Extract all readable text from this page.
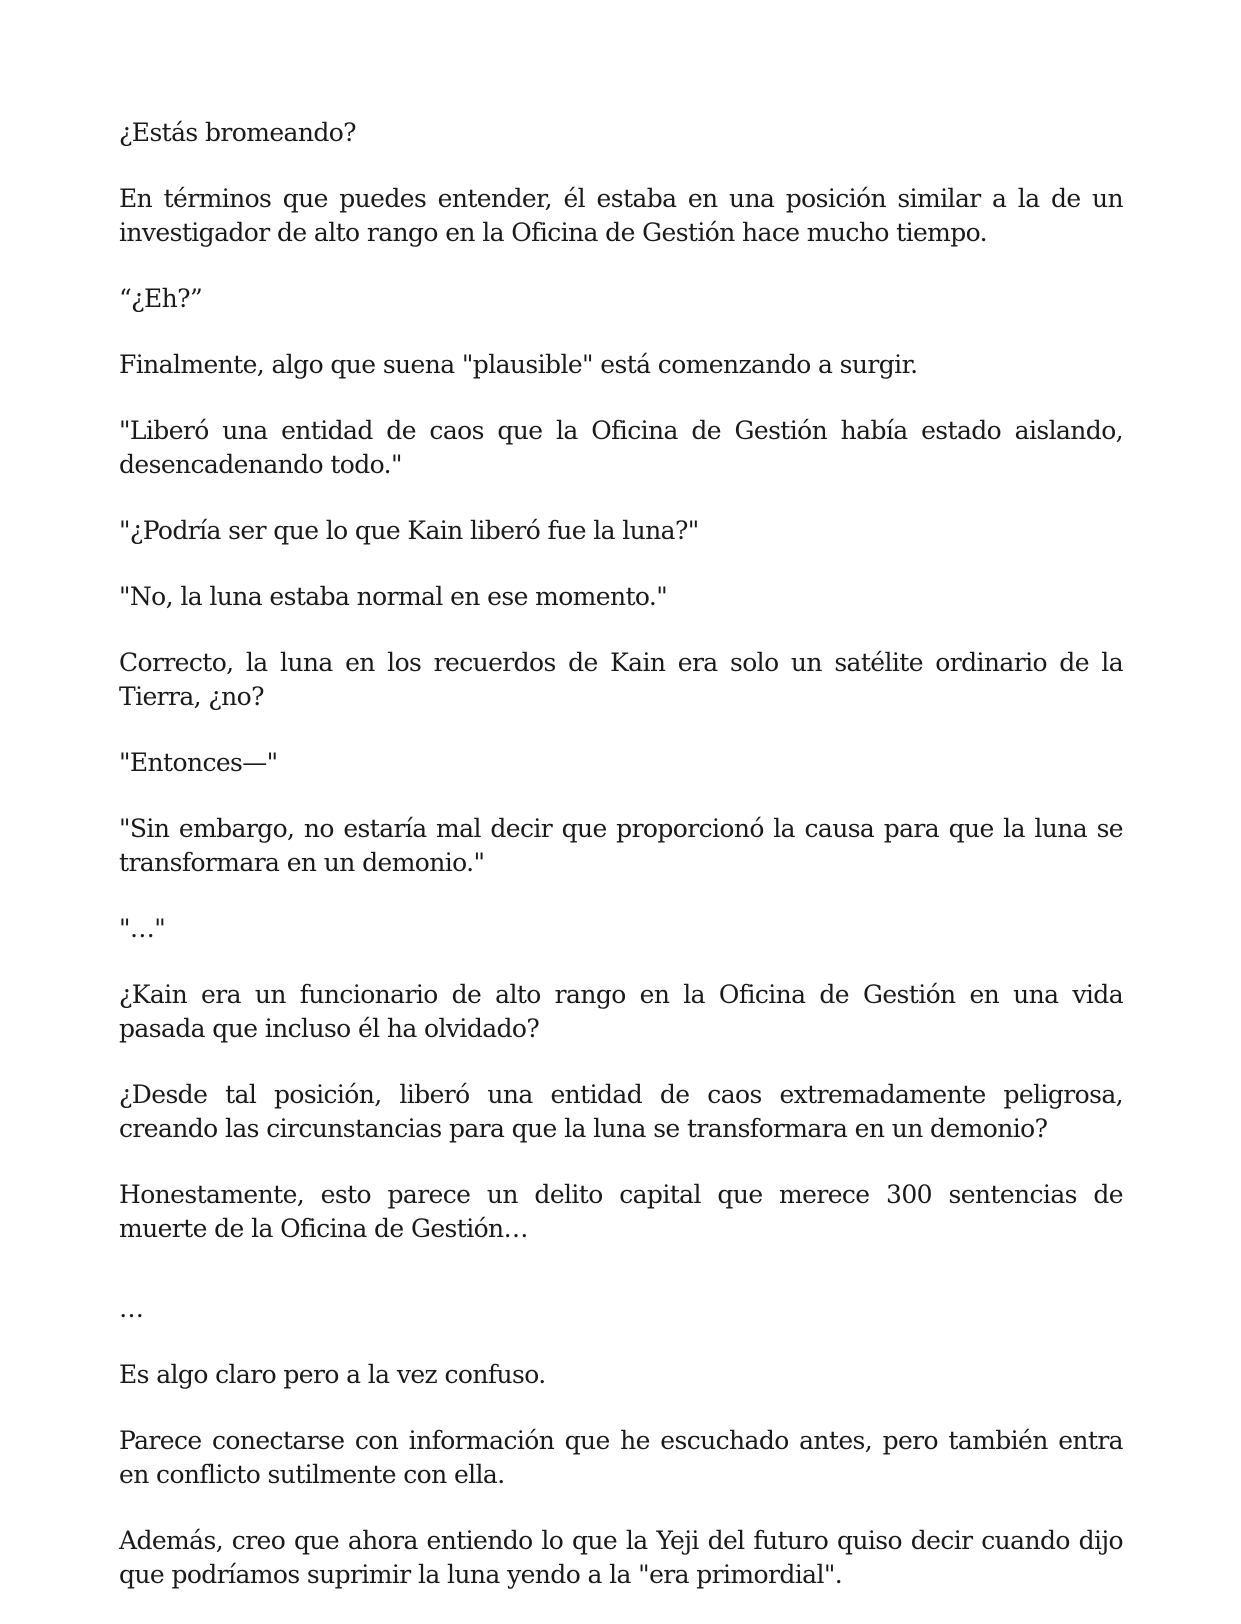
¿Estás bromeando?

En términos que puedes entender, él estaba en una posición similar a la de un investigador de alto rango en la Oficina de Gestión hace mucho tiempo.

“¿Eh?”

Finalmente, algo que suena "plausible" está comenzando a surgir.

"Liberó una entidad de caos que la Oficina de Gestión había estado aislando, desencadenando todo."

"¿Podría ser que lo que Kain liberó fue la luna?"

"No, la luna estaba normal en ese momento."

Correcto, la luna en los recuerdos de Kain era solo un satélite ordinario de la Tierra, ¿no?

"Entonces—"

"Sin embargo, no estaría mal decir que proporcionó la causa para que la luna se transformara en un demonio."

"…"

¿Kain era un funcionario de alto rango en la Oficina de Gestión en una vida pasada que incluso él ha olvidado?

¿Desde tal posición, liberó una entidad de caos extremadamente peligrosa, creando las circunstancias para que la luna se transformara en un demonio?

Honestamente, esto parece un delito capital que merece 300 sentencias de muerte de la Oficina de Gestión…

…

Es algo claro pero a la vez confuso.

Parece conectarse con información que he escuchado antes, pero también entra en conflicto sutilmente con ella.

Además, creo que ahora entiendo lo que la Yeji del futuro quiso decir cuando dijo que podríamos suprimir la luna yendo a la "era primordial".
